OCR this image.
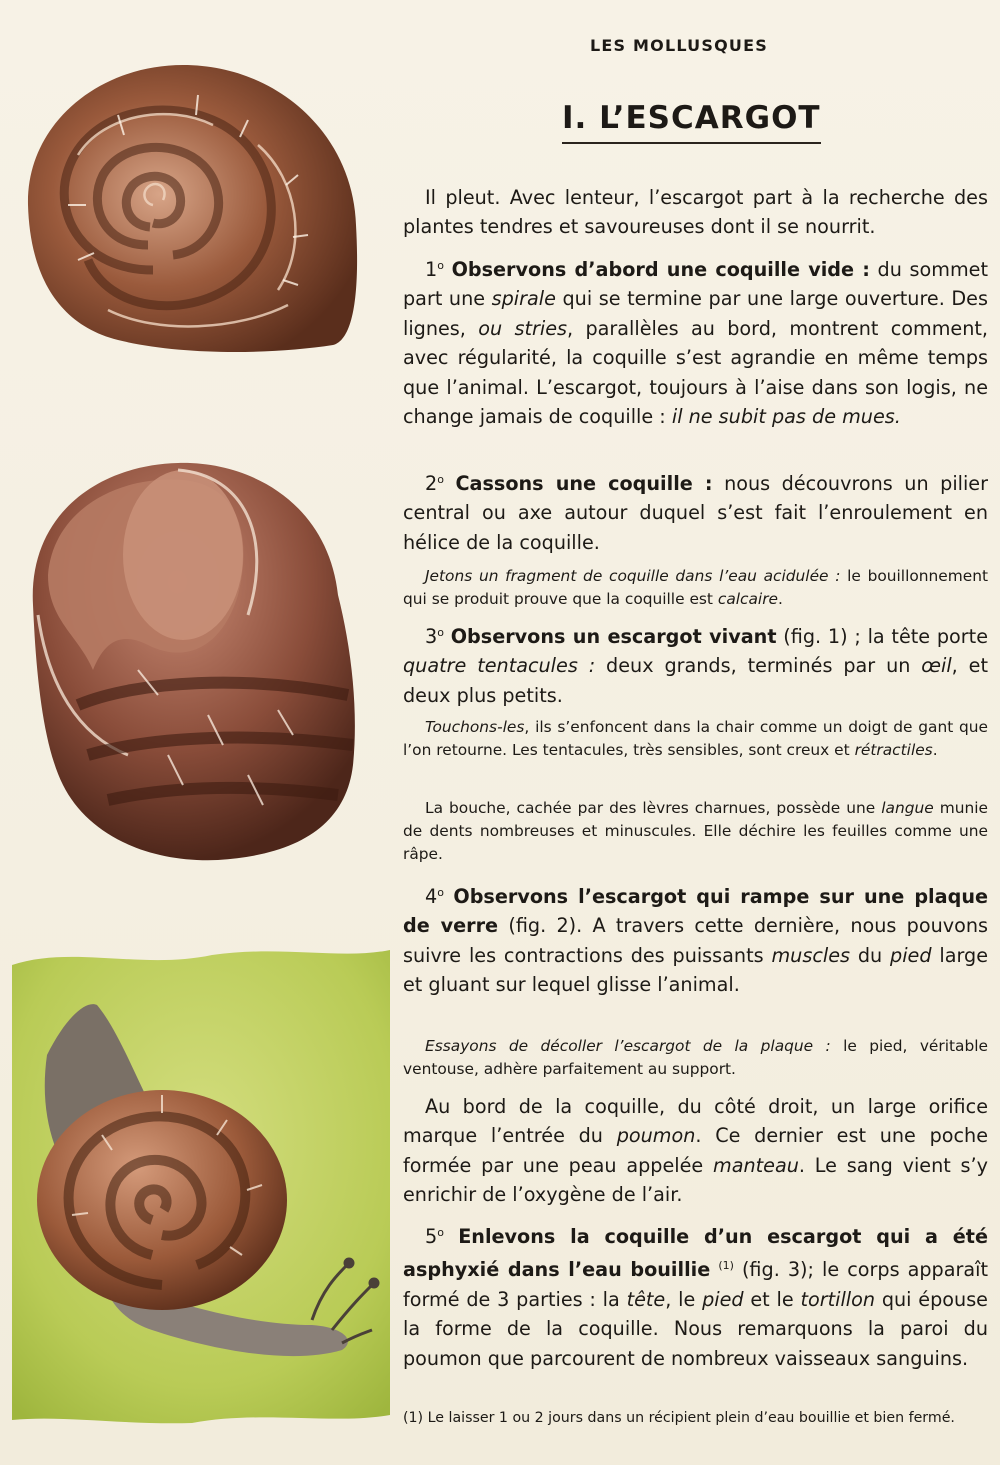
LES MOLLUSQUES
I. L’ESCARGOT

Il pleut. Avec lenteur, l’escargot part à la recherche des plantes tendres et savoureuses dont il se nourrit.

1$^o$ Observons d’abord une coquille vide : du sommet part une spirale qui se termine par une large ouverture. Des lignes, ou stries, parallèles au bord, montrent comment, avec régularité, la coquille s’est agrandie en même temps que l’animal. L’escargot, toujours à l’aise dans son logis, ne change jamais de coquille : il ne subit pas de mues.

2$^o$ Cassons une coquille : nous découvrons un pilier central ou axe autour duquel s’est fait l’enroulement en hélice de la coquille.

Jetons un fragment de coquille dans l’eau acidulée : le bouillonnement qui se produit prouve que la coquille est calcaire.

3$^o$ Observons un escargot vivant (fig. 1) ; la tête porte quatre tentacules : deux grands, terminés par un œil, et deux plus petits.

Touchons-les, ils s’enfoncent dans la chair comme un doigt de gant que l’on retourne. Les tentacules, très sensibles, sont creux et rétractiles.

La bouche, cachée par des lèvres charnues, possède une langue munie de dents nombreuses et minuscules. Elle déchire les feuilles comme une râpe.

4$^o$ Observons l’escargot qui rampe sur une plaque de verre (fig. 2). A travers cette dernière, nous pouvons suivre les contractions des puissants muscles du pied large et gluant sur lequel glisse l’animal.

Essayons de décoller l’escargot de la plaque : le pied, véritable ventouse, adhère parfaitement au support.

Au bord de la coquille, du côté droit, un large orifice marque l’entrée du poumon. Ce dernier est une poche formée par une peau appelée manteau. Le sang vient s’y enrichir de l’oxygène de l’air.

5$^o$ Enlevons la coquille d’un escargot qui a été asphyxié dans l’eau bouillie $^{(1)}$ (fig. 3); le corps apparaît formé de 3 parties : la tête, le pied et le tortillon qui épouse la forme de la coquille. Nous remarquons la paroi du poumon que parcourent de nombreux vaisseaux sanguins.

(1) Le laisser 1 ou 2 jours dans un récipient plein d’eau bouillie et bien fermé.
